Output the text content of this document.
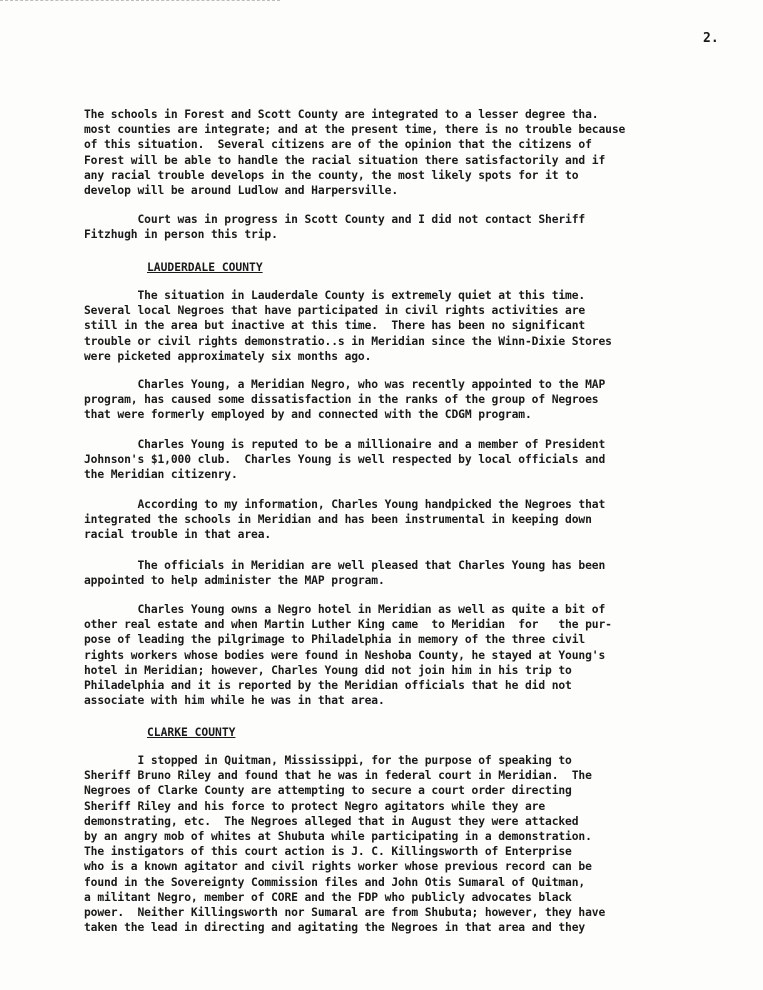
2.

The schools in Forest and Scott County are integrated to a lesser degree tha.
most counties are integrate; and at the present time, there is no trouble because
of this situation.  Several citizens are of the opinion that the citizens of
Forest will be able to handle the racial situation there satisfactorily and if
any racial trouble develops in the county, the most likely spots for it to
develop will be around Ludlow and Harpersville.

Court was in progress in Scott County and I did not contact Sheriff
Fitzhugh in person this trip.

LAUDERDALE COUNTY

The situation in Lauderdale County is extremely quiet at this time.
Several local Negroes that have participated in civil rights activities are
still in the area but inactive at this time.  There has been no significant
trouble or civil rights demonstratio..s in Meridian since the Winn-Dixie Stores
were picketed approximately six months ago.

Charles Young, a Meridian Negro, who was recently appointed to the MAP
program, has caused some dissatisfaction in the ranks of the group of Negroes
that were formerly employed by and connected with the CDGM program.

Charles Young is reputed to be a millionaire and a member of President
Johnson's $1,000 club.  Charles Young is well respected by local officials and
the Meridian citizenry.

According to my information, Charles Young handpicked the Negroes that
integrated the schools in Meridian and has been instrumental in keeping down
racial trouble in that area.

The officials in Meridian are well pleased that Charles Young has been
appointed to help administer the MAP program.

Charles Young owns a Negro hotel in Meridian as well as quite a bit of
other real estate and when Martin Luther King came  to Meridian  for   the pur-
pose of leading the pilgrimage to Philadelphia in memory of the three civil
rights workers whose bodies were found in Neshoba County, he stayed at Young's
hotel in Meridian; however, Charles Young did not join him in his trip to
Philadelphia and it is reported by the Meridian officials that he did not
associate with him while he was in that area.

CLARKE COUNTY

I stopped in Quitman, Mississippi, for the purpose of speaking to
Sheriff Bruno Riley and found that he was in federal court in Meridian.  The
Negroes of Clarke County are attempting to secure a court order directing
Sheriff Riley and his force to protect Negro agitators while they are
demonstrating, etc.  The Negroes alleged that in August they were attacked
by an angry mob of whites at Shubuta while participating in a demonstration.
The instigators of this court action is J. C. Killingsworth of Enterprise
who is a known agitator and civil rights worker whose previous record can be
found in the Sovereignty Commission files and John Otis Sumaral of Quitman,
a militant Negro, member of CORE and the FDP who publicly advocates black
power.  Neither Killingsworth nor Sumaral are from Shubuta; however, they have
taken the lead in directing and agitating the Negroes in that area and they
